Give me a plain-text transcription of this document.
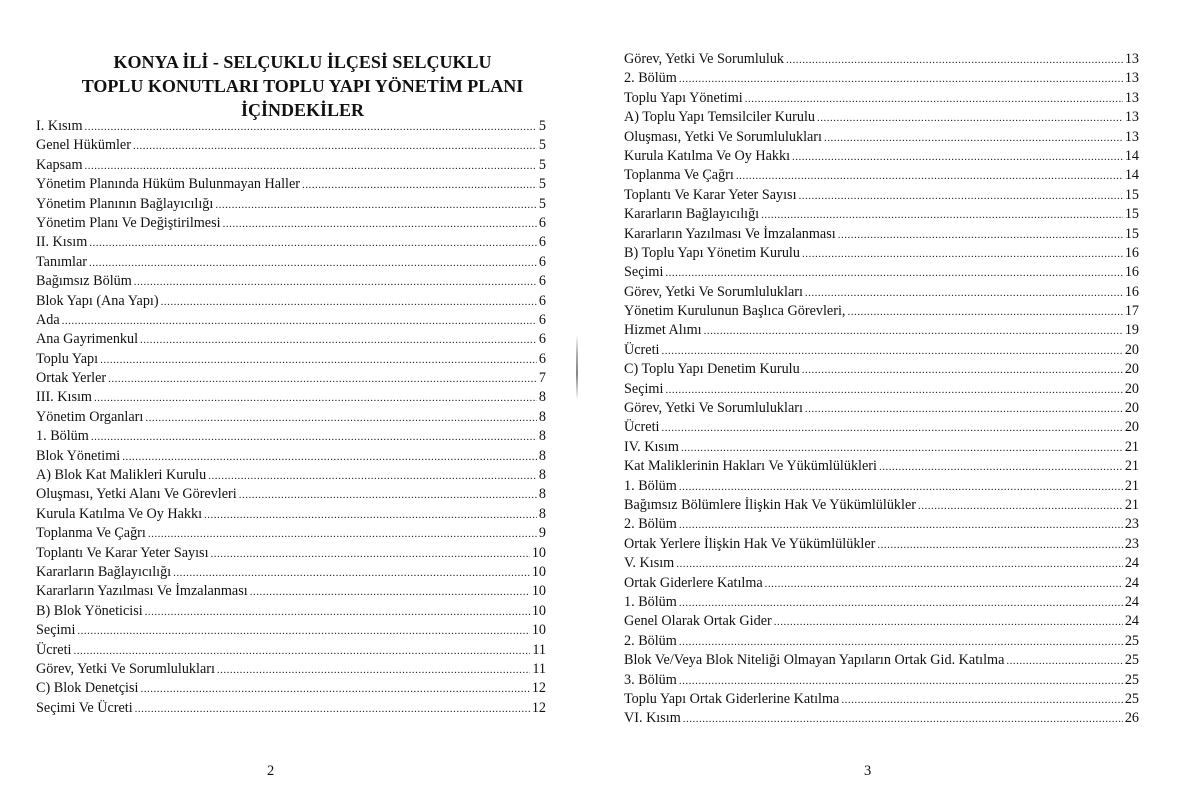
KONYA İLİ - SELÇUKLU İLÇESİ SELÇUKLU
TOPLU KONUTLARI TOPLU YAPI YÖNETİM PLANI
İÇİNDEKİLER
I. Kısım .....	5
Genel Hükümler .....	5
Kapsam .....	5
Yönetim Planında Hüküm Bulunmayan Haller .....	5
Yönetim Planının Bağlayıcılığı .....	5
Yönetim Planı Ve Değiştirilmesi .....	6
II. Kısım .....	6
Tanımlar .....	6
Bağımsız Bölüm .....	6
Blok Yapı (Ana Yapı) .....	6
Ada .....	6
Ana Gayrimenkul .....	6
Toplu Yapı .....	6
Ortak Yerler .....	7
III. Kısım .....	8
Yönetim Organları .....	8
1. Bölüm .....	8
Blok Yönetimi .....	8
A) Blok Kat Malikleri Kurulu .....	8
Oluşması, Yetki Alanı Ve Görevleri .....	8
Kurula Katılma Ve Oy Hakkı .....	8
Toplanma Ve Çağrı .....	9
Toplantı Ve Karar Yeter Sayısı .....	10
Kararların Bağlayıcılığı .....	10
Kararların Yazılması Ve İmzalanması .....	10
B) Blok Yöneticisi .....	10
Seçimi .....	10
Ücreti .....	11
Görev, Yetki Ve Sorumlulukları .....	11
C) Blok Denetçisi .....	12
Seçimi Ve Ücreti .....	12
2
Görev, Yetki Ve Sorumluluk .....	13
2. Bölüm .....	13
Toplu Yapı Yönetimi .....	13
A) Toplu Yapı Temsilciler Kurulu .....	13
Oluşması, Yetki Ve Sorumlulukları .....	13
Kurula Katılma Ve Oy Hakkı .....	14
Toplanma Ve Çağrı .....	14
Toplantı Ve Karar Yeter Sayısı .....	15
Kararların Bağlayıcılığı .....	15
Kararların Yazılması Ve İmzalanması .....	15
B) Toplu Yapı Yönetim Kurulu .....	16
Seçimi .....	16
Görev, Yetki Ve Sorumlulukları .....	16
Yönetim Kurulunun Başlıca Görevleri, .....	17
Hizmet Alımı .....	19
Ücreti .....	20
C) Toplu Yapı Denetim Kurulu .....	20
Seçimi .....	20
Görev, Yetki Ve Sorumlulukları .....	20
Ücreti .....	20
IV. Kısım .....	21
Kat Maliklerinin Hakları Ve Yükümlülükleri .....	21
1. Bölüm .....	21
Bağımsız Bölümlere İlişkin Hak Ve Yükümlülükler .....	21
2. Bölüm .....	23
Ortak Yerlere İlişkin Hak Ve Yükümlülükler .....	23
V. Kısım .....	24
Ortak Giderlere Katılma .....	24
1. Bölüm .....	24
Genel Olarak Ortak Gider .....	24
2. Bölüm .....	25
Blok Ve/Veya Blok Niteliği Olmayan Yapıların Ortak Gid. Katılma .....	25
3. Bölüm .....	25
Toplu Yapı Ortak Giderlerine Katılma .....	25
VI. Kısım .....	26
3
